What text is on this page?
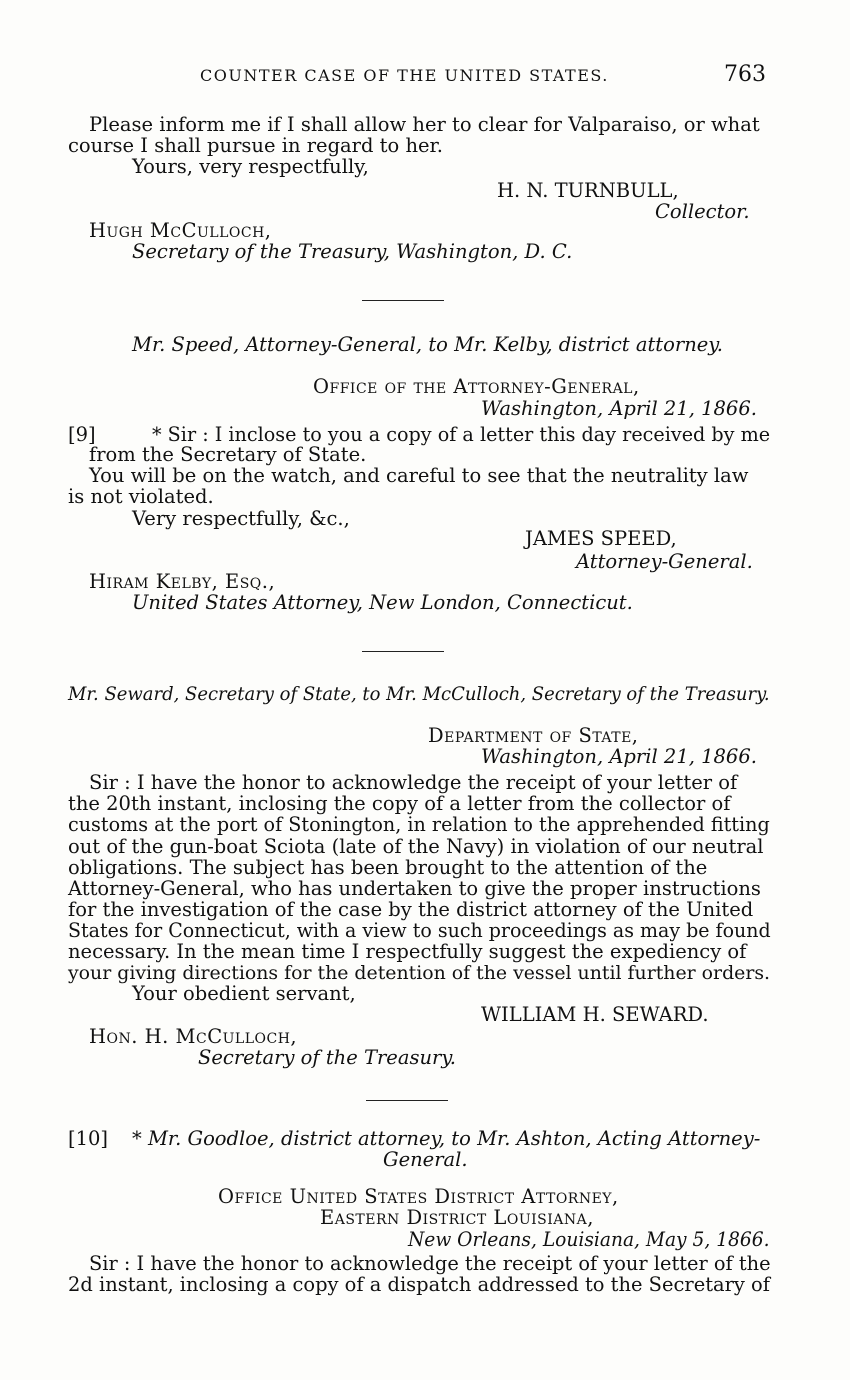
COUNTER CASE OF THE UNITED STATES.	763
Please inform me if I shall allow her to clear for Valparaiso, or what
course I shall pursue in regard to her.
Yours, very respectfully,
H. N. TURNBULL,
Collector.
Hugh McCulloch,
Secretary of the Treasury, Washington, D. C.
Mr. Speed, Attorney-General, to Mr. Kelby, district attorney.
Office of the Attorney-General,
Washington, April 21, 1866.
[9]	* Sir : I inclose to you a copy of a letter this day received by me
from the Secretary of State.
You will be on the watch, and careful to see that the neutrality law
is not violated.
Very respectfully, &c.,
JAMES SPEED,
Attorney-General.
Hiram Kelby, Esq.,
United States Attorney, New London, Connecticut.
Mr. Seward, Secretary of State, to Mr. McCulloch, Secretary of the Treasury.
Department of State,
Washington, April 21, 1866.
Sir : I have the honor to acknowledge the receipt of your letter of
the 20th instant, inclosing the copy of a letter from the collector of
customs at the port of Stonington, in relation to the apprehended fitting
out of the gun-boat Sciota (late of the Navy) in violation of our neutral
obligations. The subject has been brought to the attention of the
Attorney-General, who has undertaken to give the proper instructions
for the investigation of the case by the district attorney of the United
States for Connecticut, with a view to such proceedings as may be found
necessary. In the mean time I respectfully suggest the expediency of
your giving directions for the detention of the vessel until further orders.
Your obedient servant,
WILLIAM H. SEWARD.
Hon. H. McCulloch,
Secretary of the Treasury.
[10] * Mr. Goodloe, district attorney, to Mr. Ashton, Acting Attorney-
General.
Office United States District Attorney,
Eastern District Louisiana,
New Orleans, Louisiana, May 5, 1866.
Sir : I have the honor to acknowledge the receipt of your letter of the
2d instant, inclosing a copy of a dispatch addressed to the Secretary of
